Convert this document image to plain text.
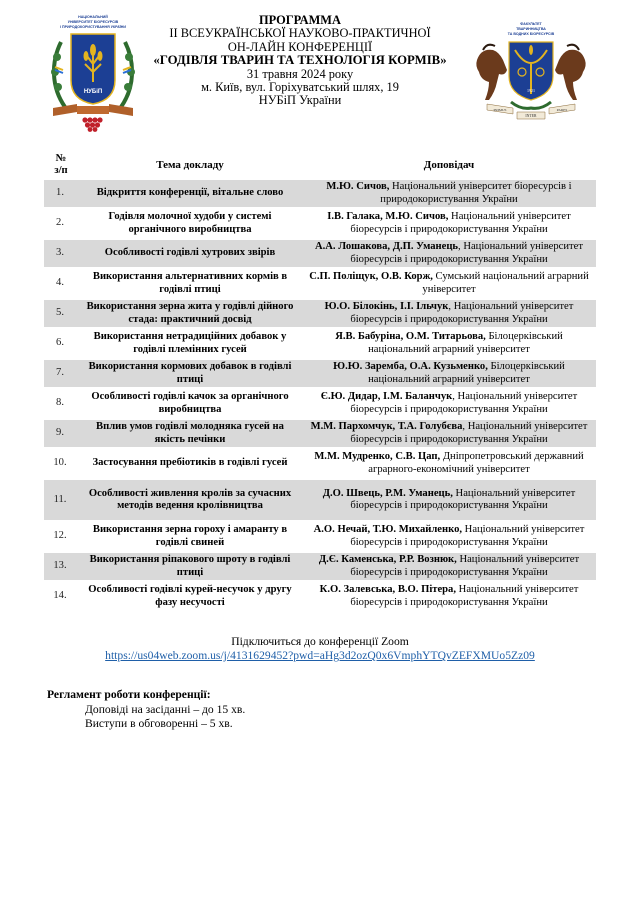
НАЦІОНАЛЬНИЙ
УНІВЕРСИТЕТ БІОРЕСУРСІВ
І ПРИРОДОКОРИСТУВАННЯ УКРАЇНИ
НУБіП
ПРОГРАММА
ІІ ВСЕУКРАЇНСЬКОЇ НАУКОВО-ПРАКТИЧНОЇ
ОН-ЛАЙН КОНФЕРЕНЦІЇ
«ГОДІВЛЯ ТВАРИН ТА ТЕХНОЛОГІЯ КОРМІВ»
31 травня 2024 року
м. Київ, вул. Горіхуватський шлях, 19
НУБіП України
ФАКУЛЬТЕТ
ТВАРИННИЦТВА
ТА ВОДНИХ БІОРЕСУРСІВ
1921
PRIMUS
INTER
PARES
№
з/п	Тема докладу	Доповідач
1.	Відкриття конференції, вітальне слово	М.Ю. Сичов, Національний університет біоресурсів і природокористування України
2.	Годівля молочної худоби у системі органічного виробництва	І.В. Галака, М.Ю. Сичов, Національний університет біоресурсів і природокористування України
3.	Особливості годівлі хутрових звірів	А.А. Лошакова, Д.П. Уманець, Національний університет біоресурсів і природокористування України
4.	Використання альтернативних кормів в годівлі птиці	С.П. Поліщук, О.В. Корж, Сумський національний аграрний університет
5.	Використання зерна жита у годівлі дійного стада: практичний досвід	Ю.О. Білокінь, І.І. Ільчук, Національний університет біоресурсів і природокористування України
6.	Використання нетрадиційних добавок у годівлі племінних гусей	Я.В. Бабуріна, О.М. Титарьова, Білоцерківський національний аграрний університет
7.	Використання кормових добавок в годівлі птиці	Ю.Ю. Заремба, О.А. Кузьменко, Білоцерківський національний аграрний університет
8.	Особливості годівлі качок за органічного виробництва	Є.Ю. Дидар, І.М. Баланчук, Національний університет біоресурсів і природокористування України
9.	Вплив умов годівлі молодняка гусей на якість печінки	М.М. Пархомчук, Т.А. Голубєва, Національний університет біоресурсів і природокористування України
10.	Застосування пребіотиків в годівлі гусей	М.М. Мудренко, С.В. Цап, Дніпропетровський державний аграрного-економічний університет
11.	Особливості живлення кролів за сучасних методів ведення кролівництва	Д.О. Швець, Р.М. Уманець, Національний університет біоресурсів і природокористування України
12.	Використання зерна гороху і амаранту в годівлі свиней	А.О. Нечай, Т.Ю. Михайленко, Національний університет біоресурсів і природокористування України
13.	Використання ріпакового шроту в годівлі птиці	Д.Є. Каменська, Р.Р. Вознюк, Національний університет біоресурсів і природокористування України
14.	Особливості годівлі курей-несучок у другу фазу несучості	К.О. Залевська, В.О. Пітера, Національний університет біоресурсів і природокористування України
Підключиться до конференції Zoom
https://us04web.zoom.us/j/4131629452?pwd=aHg3d2ozQ0x6VmphYTQvZEFXMUo5Zz09
Регламент роботи конференції:
Доповіді на засіданні – до 15 хв.
Виступи в обговоренні – 5 хв.
